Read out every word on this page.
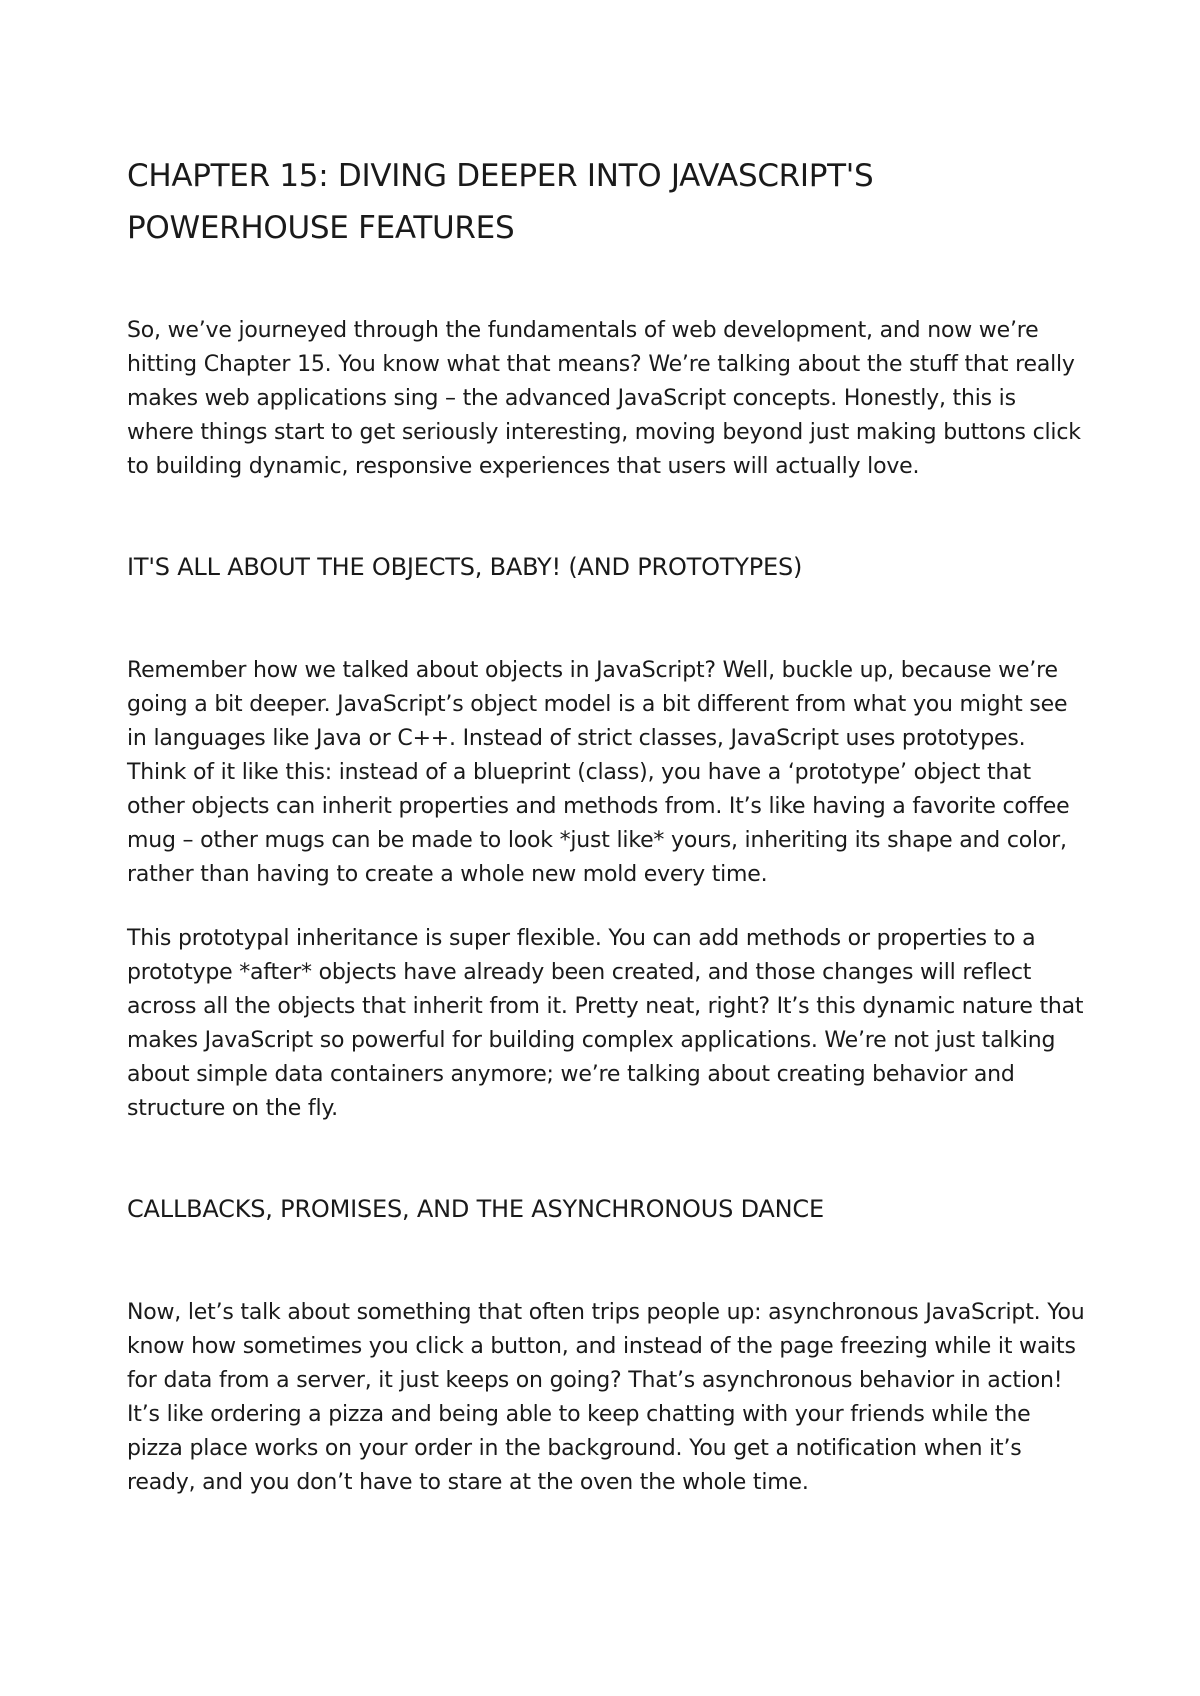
CHAPTER 15: DIVING DEEPER INTO JAVASCRIPT'S POWERHOUSE FEATURES

So, we’ve journeyed through the fundamentals of web development, and now we’re hitting Chapter 15. You know what that means? We’re talking about the stuff that really makes web applications sing – the advanced JavaScript concepts. Honestly, this is where things start to get seriously interesting, moving beyond just making buttons click to building dynamic, responsive experiences that users will actually love.

IT'S ALL ABOUT THE OBJECTS, BABY! (AND PROTOTYPES)

Remember how we talked about objects in JavaScript? Well, buckle up, because we’re going a bit deeper. JavaScript’s object model is a bit different from what you might see in languages like Java or C++. Instead of strict classes, JavaScript uses prototypes. Think of it like this: instead of a blueprint (class), you have a ‘prototype’ object that other objects can inherit properties and methods from. It’s like having a favorite coffee mug – other mugs can be made to look *just like* yours, inheriting its shape and color, rather than having to create a whole new mold every time.

This prototypal inheritance is super flexible. You can add methods or properties to a prototype *after* objects have already been created, and those changes will reflect across all the objects that inherit from it. Pretty neat, right? It’s this dynamic nature that makes JavaScript so powerful for building complex applications. We’re not just talking about simple data containers anymore; we’re talking about creating behavior and structure on the fly.

CALLBACKS, PROMISES, AND THE ASYNCHRONOUS DANCE

Now, let’s talk about something that often trips people up: asynchronous JavaScript. You know how sometimes you click a button, and instead of the page freezing while it waits for data from a server, it just keeps on going? That’s asynchronous behavior in action! It’s like ordering a pizza and being able to keep chatting with your friends while the pizza place works on your order in the background. You get a notification when it’s ready, and you don’t have to stare at the oven the whole time.
